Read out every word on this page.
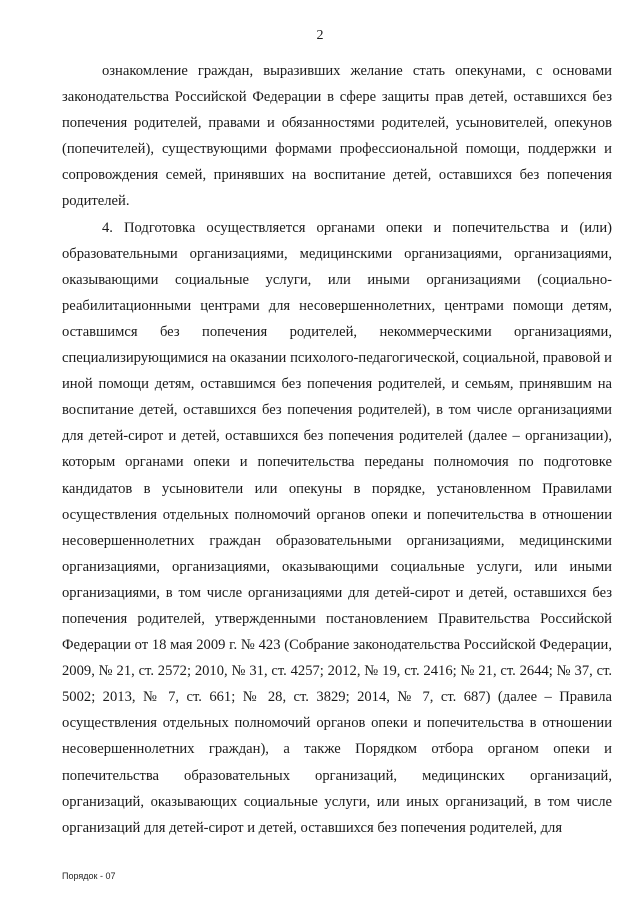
2

ознакомление граждан, выразивших желание стать опекунами, с основами законодательства Российской Федерации в сфере защиты прав детей, оставшихся без попечения родителей, правами и обязанностями родителей, усыновителей, опекунов (попечителей), существующими формами профессиональной помощи, поддержки и сопровождения семей, принявших на воспитание детей, оставшихся без попечения родителей.

4. Подготовка осуществляется органами опеки и попечительства и (или) образовательными организациями, медицинскими организациями, организациями, оказывающими социальные услуги, или иными организациями (социально-реабилитационными центрами для несовершеннолетних, центрами помощи детям, оставшимся без попечения родителей, некоммерческими организациями, специализирующимися на оказании психолого-педагогической, социальной, правовой и иной помощи детям, оставшимся без попечения родителей, и семьям, принявшим на воспитание детей, оставшихся без попечения родителей), в том числе организациями для детей-сирот и детей, оставшихся без попечения родителей (далее – организации), которым органами опеки и попечительства переданы полномочия по подготовке кандидатов в усыновители или опекуны в порядке, установленном Правилами осуществления отдельных полномочий органов опеки и попечительства в отношении несовершеннолетних граждан образовательными организациями, медицинскими организациями, организациями, оказывающими социальные услуги, или иными организациями, в том числе организациями для детей-сирот и детей, оставшихся без попечения родителей, утвержденными постановлением Правительства Российской Федерации от 18 мая 2009 г. № 423 (Собрание законодательства Российской Федерации, 2009, № 21, ст. 2572; 2010, № 31, ст. 4257; 2012, № 19, ст. 2416; № 21, ст. 2644; № 37, ст. 5002; 2013, № 7, ст. 661; № 28, ст. 3829; 2014, № 7, ст. 687) (далее – Правила осуществления отдельных полномочий органов опеки и попечительства в отношении несовершеннолетних граждан), а также Порядком отбора органом опеки и попечительства образовательных организаций, медицинских организаций, организаций, оказывающих социальные услуги, или иных организаций, в том числе организаций для детей-сирот и детей, оставшихся без попечения родителей, для

Порядок - 07
